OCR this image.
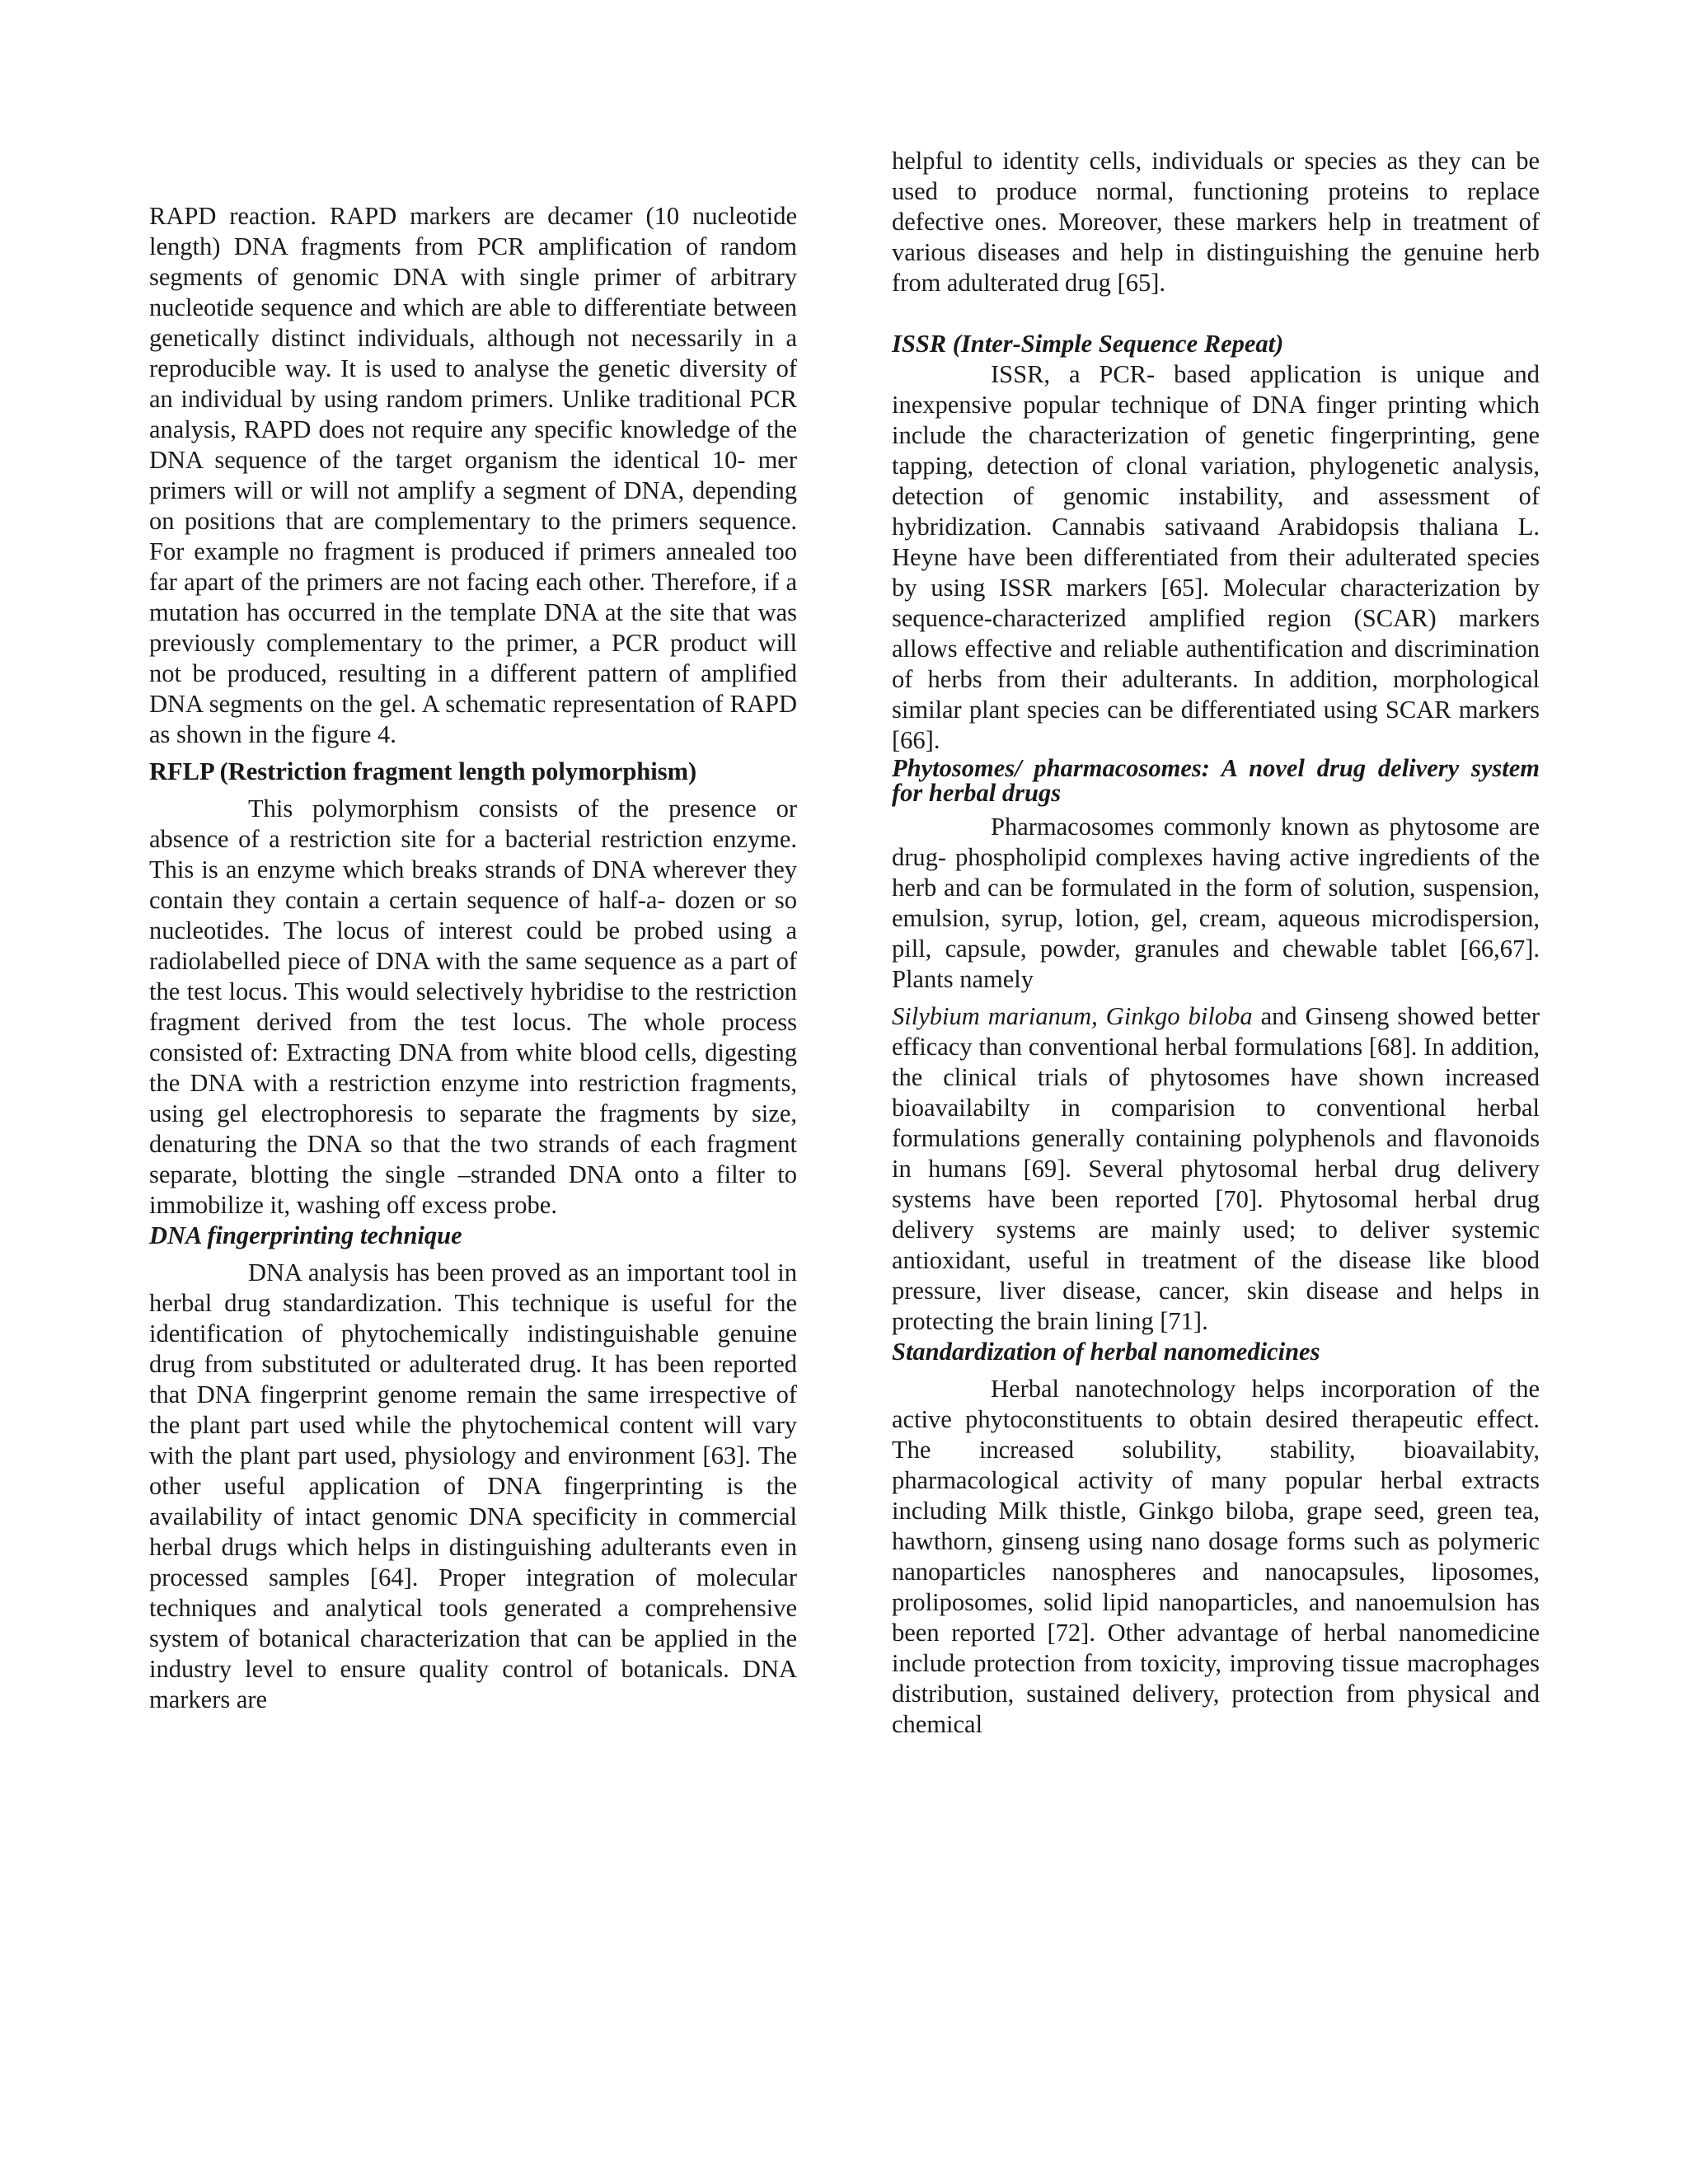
RAPD reaction. RAPD markers are decamer (10 nucleotide length) DNA fragments from PCR amplification of random segments of genomic DNA with single primer of arbitrary nucleotide sequence and which are able to differentiate between genetically distinct individuals, although not necessarily in a reproducible way. It is used to analyse the genetic diversity of an individual by using random primers. Unlike traditional PCR analysis, RAPD does not require any specific knowledge of the DNA sequence of the target organism the identical 10- mer primers will or will not amplify a segment of DNA, depending on positions that are complementary to the primers sequence. For example no fragment is produced if primers annealed too far apart of the primers are not facing each other. Therefore, if a mutation has occurred in the template DNA at the site that was previously complementary to the primer, a PCR product will not be produced, resulting in a different pattern of amplified DNA segments on the gel. A schematic representation of RAPD as shown in the figure 4.

RFLP (Restriction fragment length polymorphism)

This polymorphism consists of the presence or absence of a restriction site for a bacterial restriction enzyme. This is an enzyme which breaks strands of DNA wherever they contain they contain a certain sequence of half-a- dozen or so nucleotides. The locus of interest could be probed using a radiolabelled piece of DNA with the same sequence as a part of the test locus. This would selectively hybridise to the restriction fragment derived from the test locus. The whole process consisted of: Extracting DNA from white blood cells, digesting the DNA with a restriction enzyme into restriction fragments, using gel electrophoresis to separate the fragments by size, denaturing the DNA so that the two strands of each fragment separate, blotting the single –stranded DNA onto a filter to immobilize it, washing off excess probe.

DNA fingerprinting technique

DNA analysis has been proved as an important tool in herbal drug standardization. This technique is useful for the identification of phytochemically indistinguishable genuine drug from substituted or adulterated drug. It has been reported that DNA fingerprint genome remain the same irrespective of the plant part used while the phytochemical content will vary with the plant part used, physiology and environment [63]. The other useful application of DNA fingerprinting is the availability of intact genomic DNA specificity in commercial herbal drugs which helps in distinguishing adulterants even in processed samples [64]. Proper integration of molecular techniques and analytical tools generated a comprehensive system of botanical characterization that can be applied in the industry level to ensure quality control of botanicals. DNA markers are

helpful to identity cells, individuals or species as they can be used to produce normal, functioning proteins to replace defective ones. Moreover, these markers help in treatment of various diseases and help in distinguishing the genuine herb from adulterated drug [65].

ISSR (Inter-Simple Sequence Repeat)

ISSR, a PCR- based application is unique and inexpensive popular technique of DNA finger printing which include the characterization of genetic fingerprinting, gene tapping, detection of clonal variation, phylogenetic analysis, detection of genomic instability, and assessment of hybridization. Cannabis sativaand Arabidopsis thaliana L. Heyne have been differentiated from their adulterated species by using ISSR markers [65]. Molecular characterization by sequence-characterized amplified region (SCAR) markers allows effective and reliable authentification and discrimination of herbs from their adulterants. In addition, morphological similar plant species can be differentiated using SCAR markers [66].

Phytosomes/ pharmacosomes: A novel drug delivery system for herbal drugs

Pharmacosomes commonly known as phytosome are drug- phospholipid complexes having active ingredients of the herb and can be formulated in the form of solution, suspension, emulsion, syrup, lotion, gel, cream, aqueous microdispersion, pill, capsule, powder, granules and chewable tablet [66,67]. Plants namely

Silybium marianum, Ginkgo biloba and Ginseng showed better efficacy than conventional herbal formulations [68]. In addition, the clinical trials of phytosomes have shown increased bioavailabilty in comparision to conventional herbal formulations generally containing polyphenols and flavonoids in humans [69]. Several phytosomal herbal drug delivery systems have been reported [70]. Phytosomal herbal drug delivery systems are mainly used; to deliver systemic antioxidant, useful in treatment of the disease like blood pressure, liver disease, cancer, skin disease and helps in protecting the brain lining [71].

Standardization of herbal nanomedicines

Herbal nanotechnology helps incorporation of the active phytoconstituents to obtain desired therapeutic effect. The increased solubility, stability, bioavailabity, pharmacological activity of many popular herbal extracts including Milk thistle, Ginkgo biloba, grape seed, green tea, hawthorn, ginseng using nano dosage forms such as polymeric nanoparticles nanospheres and nanocapsules, liposomes, proliposomes, solid lipid nanoparticles, and nanoemulsion has been reported [72]. Other advantage of herbal nanomedicine include protection from toxicity, improving tissue macrophages distribution, sustained delivery, protection from physical and chemical
